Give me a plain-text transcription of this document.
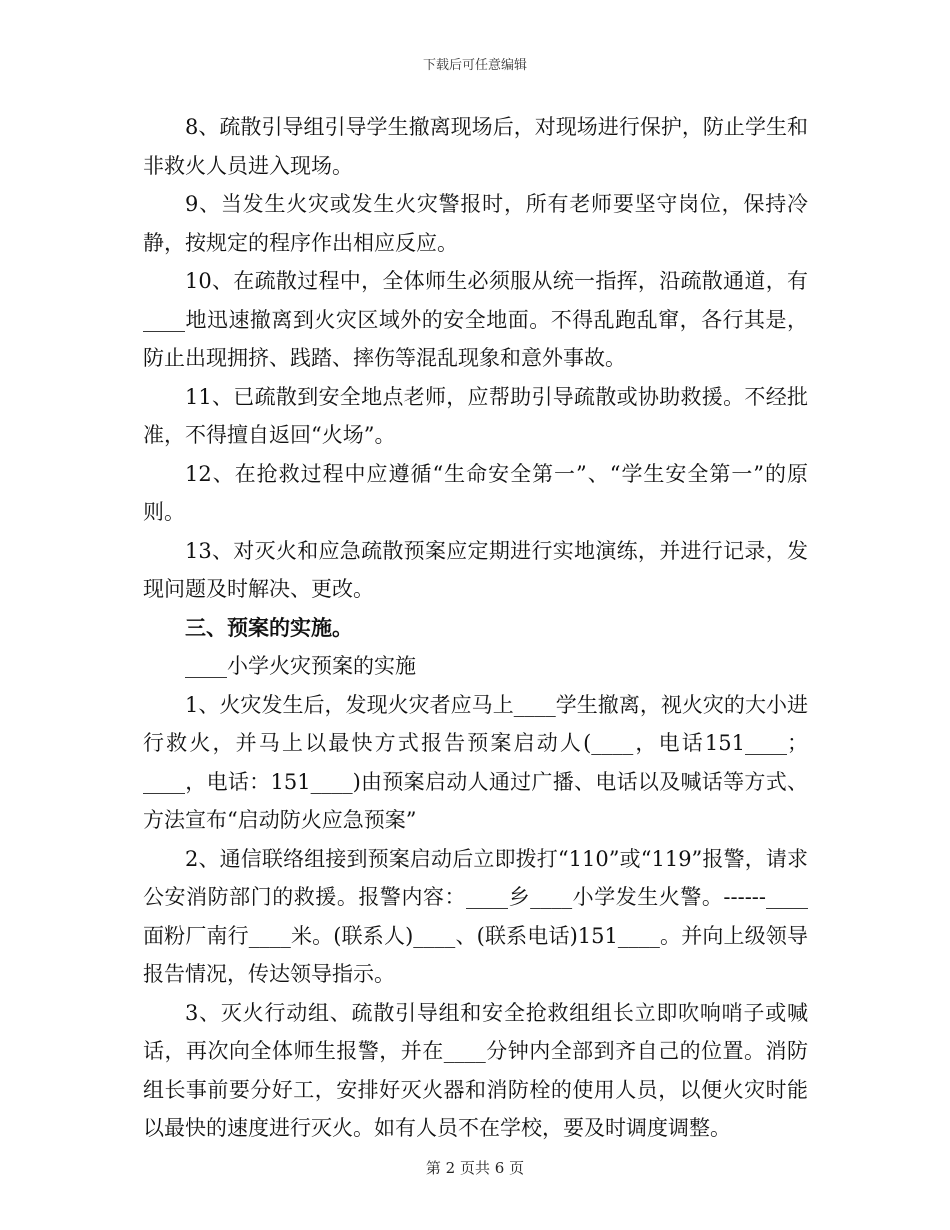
下载后可任意编辑

8、疏散引导组引导学生撤离现场后，对现场进行保护，防止学生和非救火人员进入现场。

9、当发生火灾或发生火灾警报时，所有老师要坚守岗位，保持冷静，按规定的程序作出相应反应。

10、在疏散过程中，全体师生必须服从统一指挥，沿疏散通道，有____地迅速撤离到火灾区域外的安全地面。不得乱跑乱窜，各行其是，防止出现拥挤、践踏、摔伤等混乱现象和意外事故。

11、已疏散到安全地点老师，应帮助引导疏散或协助救援。不经批准，不得擅自返回“火场”。

12、在抢救过程中应遵循“生命安全第一”、“学生安全第一”的原则。

13、对灭火和应急疏散预案应定期进行实地演练，并进行记录，发现问题及时解决、更改。

三、预案的实施。

____小学火灾预案的实施

1、火灾发生后，发现火灾者应马上____学生撤离，视火灾的大小进行救火，并马上以最快方式报告预案启动人(____，电话151____；____，电话：151____)由预案启动人通过广播、电话以及喊话等方式、方法宣布“启动防火应急预案”

2、通信联络组接到预案启动后立即拨打“110”或“119”报警，请求公安消防部门的救援。报警内容：____乡____小学发生火警。------____面粉厂南行____米。(联系人)____、(联系电话)151____。并向上级领导报告情况，传达领导指示。

3、灭火行动组、疏散引导组和安全抢救组组长立即吹响哨子或喊话，再次向全体师生报警，并在____分钟内全部到齐自己的位置。消防组长事前要分好工，安排好灭火器和消防栓的使用人员，以便火灾时能以最快的速度进行灭火。如有人员不在学校，要及时调度调整。

第 2 页共 6 页
